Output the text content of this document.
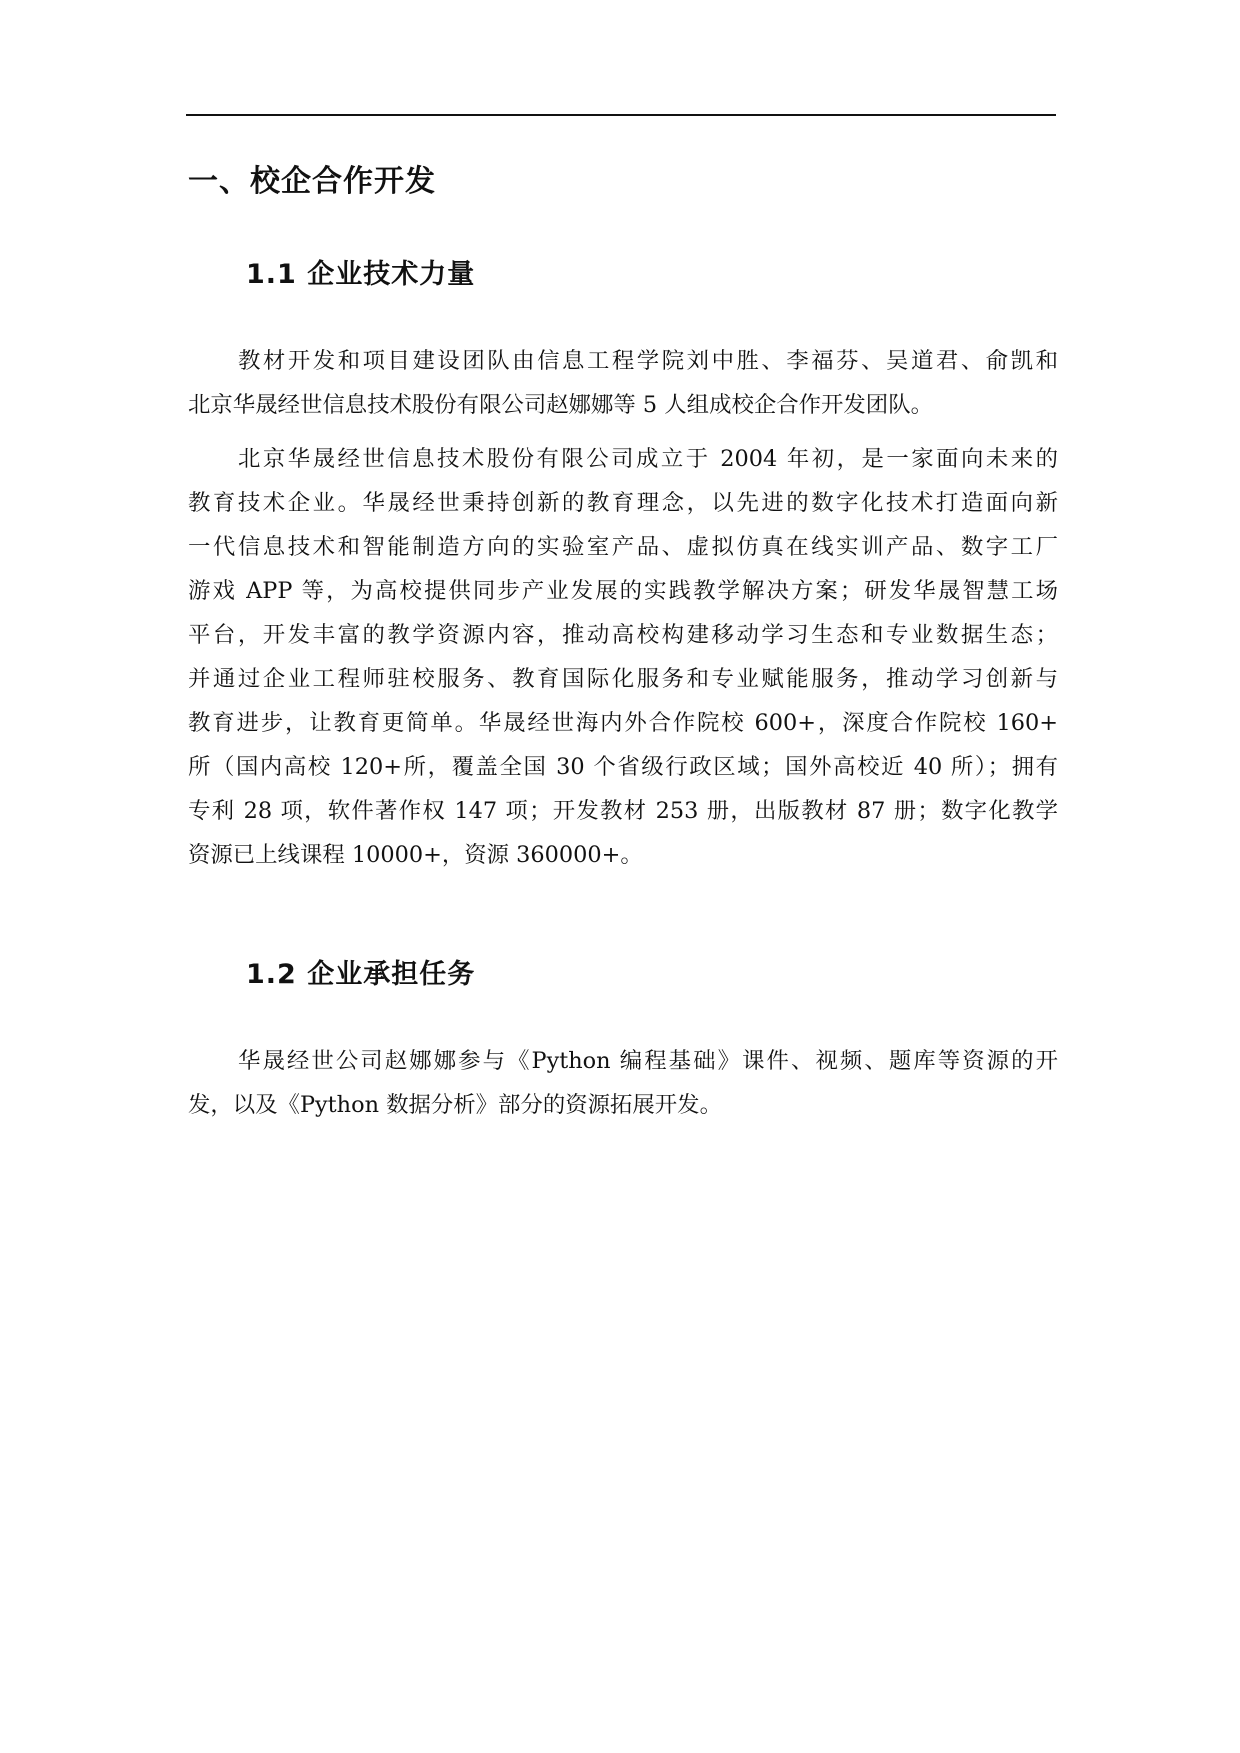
一、校企合作开发
1.1 企业技术力量
教材开发和项目建设团队由信息工程学院刘中胜、李福芬、吴道君、俞凯和
北京华晟经世信息技术股份有限公司赵娜娜等 5 人组成校企合作开发团队。
北京华晟经世信息技术股份有限公司成立于 2004 年初，是一家面向未来的
教育技术企业。华晟经世秉持创新的教育理念，以先进的数字化技术打造面向新
一代信息技术和智能制造方向的实验室产品、虚拟仿真在线实训产品、数字工厂
游戏 APP 等，为高校提供同步产业发展的实践教学解决方案；研发华晟智慧工场
平台，开发丰富的教学资源内容，推动高校构建移动学习生态和专业数据生态；
并通过企业工程师驻校服务、教育国际化服务和专业赋能服务，推动学习创新与
教育进步，让教育更简单。华晟经世海内外合作院校 600+，深度合作院校 160+
所（国内高校 120+所，覆盖全国 30 个省级行政区域；国外高校近 40 所）；拥有
专利 28 项，软件著作权 147 项；开发教材 253 册，出版教材 87 册；数字化教学
资源已上线课程 10000+，资源 360000+。
1.2 企业承担任务
华晟经世公司赵娜娜参与《Python 编程基础》课件、视频、题库等资源的开
发，以及《Python 数据分析》部分的资源拓展开发。
